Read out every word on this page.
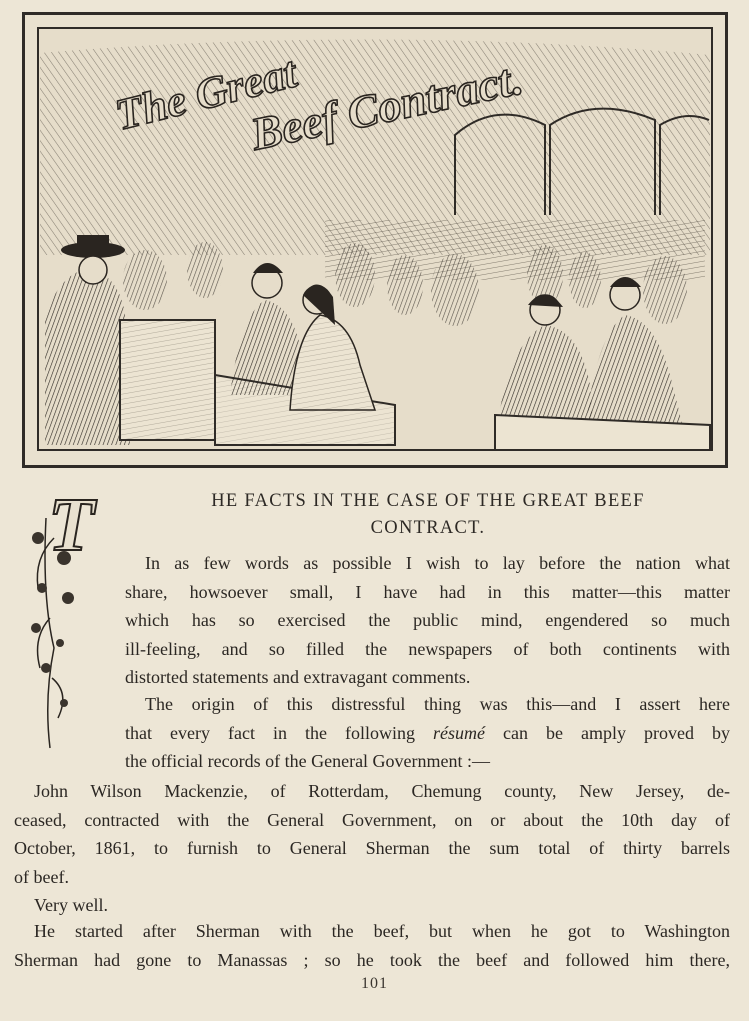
The Great
Beef Contract.
T	HE FACTS IN THE CASE OF THE GREAT BEEF
CONTRACT.
In as few words as possible I wish to lay before the nation what
share, howsoever small, I have had in this matter—this matter
which has so exercised the public mind, engendered so much
ill-feeling, and so filled the newspapers of both continents with
distorted statements and extravagant comments.
The origin of this distressful thing was this—and I assert here
that every fact in the following résumé can be amply proved by
the official records of the General Government :—
John Wilson Mackenzie, of Rotterdam, Chemung county, New Jersey, de-
ceased, contracted with the General Government, on or about the 10th day of
October, 1861, to furnish to General Sherman the sum total of thirty barrels
of beef.
Very well.
He started after Sherman with the beef, but when he got to Washington
Sherman had gone to Manassas ; so he took the beef and followed him there,
101
